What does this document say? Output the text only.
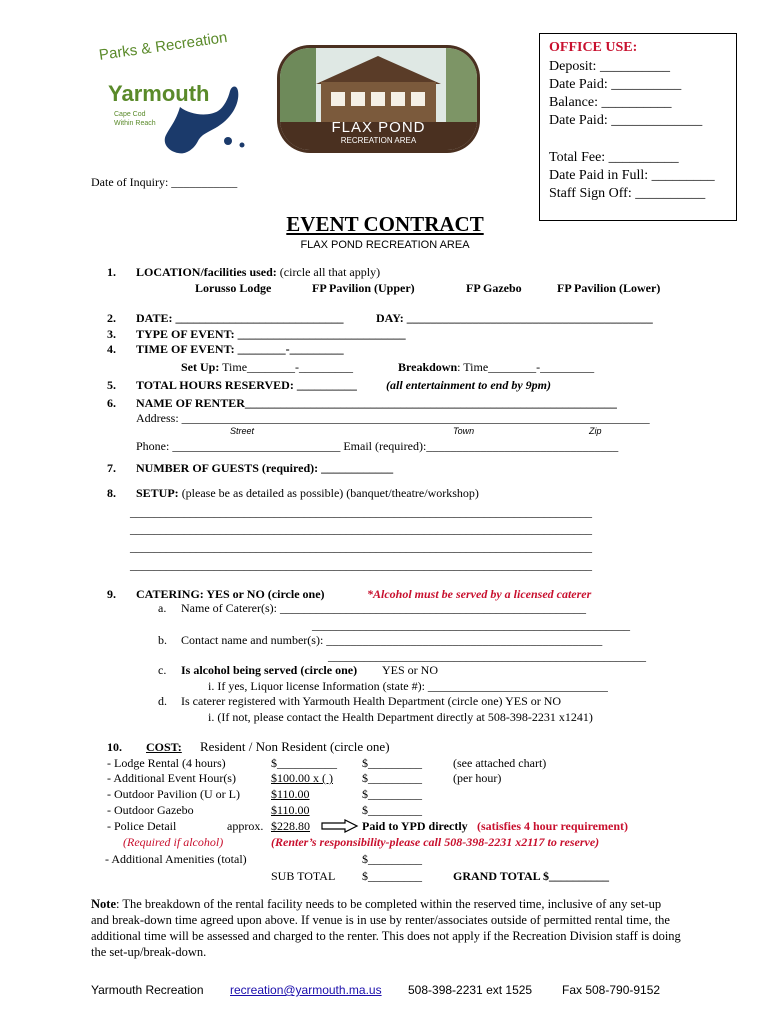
Parks & Recreation
Yarmouth
Cape Cod
Within Reach	FLAX POND
RECREATION AREA
OFFICE USE:
Deposit: __________
Date Paid: __________
Balance: __________
Date Paid: _____________
Total Fee: __________
Date Paid in Full: _________
Staff Sign Off: __________
Date of Inquiry: ___________
EVENT CONTRACT
FLAX POND RECREATION AREA
1. LOCATION/facilities used: (circle all that apply)
Lorusso Lodge	FP Pavilion (Upper)	FP Gazebo	FP Pavilion (Lower)
2. DATE: ____________________________	DAY: _________________________________________
3. TYPE OF EVENT: ____________________________
4. TIME OF EVENT: ________-_________
Set Up: Time________-_________	Breakdown: Time________-_________
5. TOTAL HOURS RESERVED: __________ (all entertainment to end by 9pm)
6. NAME OF RENTER______________________________________________________________
Address: ______________________________________________________________________________
Street	Town	Zip
Phone: ____________________________ Email (required):________________________________
7. NUMBER OF GUESTS (required): ____________
8. SETUP: (please be as detailed as possible) (banquet/theatre/workshop)
_____________________________________________________________________________
_____________________________________________________________________________
_____________________________________________________________________________
_____________________________________________________________________________
9. CATERING: YES or NO (circle one)	*Alcohol must be served by a licensed caterer
a. Name of Caterer(s): ___________________________________________________
_____________________________________________________
b. Contact name and number(s): ______________________________________________
_____________________________________________________
c. Is alcohol being served (circle one) YES or NO
i. If yes, Liquor license Information (state #): ______________________________
d. Is caterer registered with Yarmouth Health Department (circle one) YES or NO
i. (If not, please contact the Health Department directly at 508-398-2231 x1241)
10. COST: Resident / Non Resident (circle one)
- Lodge Rental (4 hours)	$__________ $_________	(see attached chart)
- Additional Event Hour(s)	$100.00 x ( ) $_________	(per hour)
- Outdoor Pavilion (U or L)	$110.00	$_________
- Outdoor Gazebo	$110.00	$_________
- Police Detail	approx. $228.80	Paid to YPD directly (satisfies 4 hour requirement)
(Required if alcohol)	(Renter’s responsibility-please call 508-398-2231 x2117 to reserve)
- Additional Amenities (total)	$_________
SUB TOTAL $_________	GRAND TOTAL $__________
Note: The breakdown of the rental facility needs to be completed within the reserved time, inclusive of any set-up and break-down time agreed upon above. If venue is in use by renter/associates outside of permitted rental time, the additional time will be assessed and charged to the renter. This does not apply if the Recreation Division staff is doing the set-up/break-down.
Yarmouth Recreation recreation@yarmouth.ma.us 508-398-2231 ext 1525 Fax 508-790-9152
